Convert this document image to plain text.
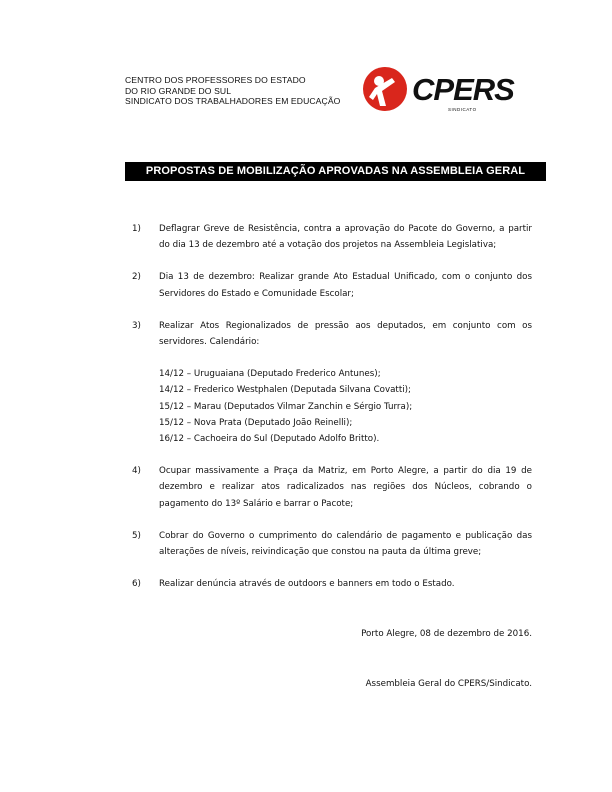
CENTRO DOS PROFESSORES DO ESTADO
DO RIO GRANDE DO SUL
SINDICATO DOS TRABALHADORES EM EDUCAÇÃO CPERS
SINDICATO
PROPOSTAS DE MOBILIZAÇÃO APROVADAS NA ASSEMBLEIA GERAL
1)	Deflagrar Greve de Resistência, contra a aprovação do Pacote do Governo, a partir do dia 13 de dezembro até a votação dos projetos na Assembleia Legislativa;
2)	Dia 13 de dezembro: Realizar grande Ato Estadual Unificado, com o conjunto dos Servidores do Estado e Comunidade Escolar;
3)	Realizar Atos Regionalizados de pressão aos deputados, em conjunto com os servidores. Calendário:
14/12 – Uruguaiana (Deputado Frederico Antunes);
14/12 – Frederico Westphalen (Deputada Silvana Covatti);
15/12 – Marau (Deputados Vilmar Zanchin e Sérgio Turra);
15/12 – Nova Prata (Deputado João Reinelli);
16/12 – Cachoeira do Sul (Deputado Adolfo Britto).
4)	Ocupar massivamente a Praça da Matriz, em Porto Alegre, a partir do dia 19 de dezembro e realizar atos radicalizados nas regiões dos Núcleos, cobrando o pagamento do 13º Salário e barrar o Pacote;
5)	Cobrar do Governo o cumprimento do calendário de pagamento e publicação das alterações de níveis, reivindicação que constou na pauta da última greve;
6)	Realizar denúncia através de outdoors e banners em todo o Estado.
Porto Alegre, 08 de dezembro de 2016.
Assembleia Geral do CPERS/Sindicato.
